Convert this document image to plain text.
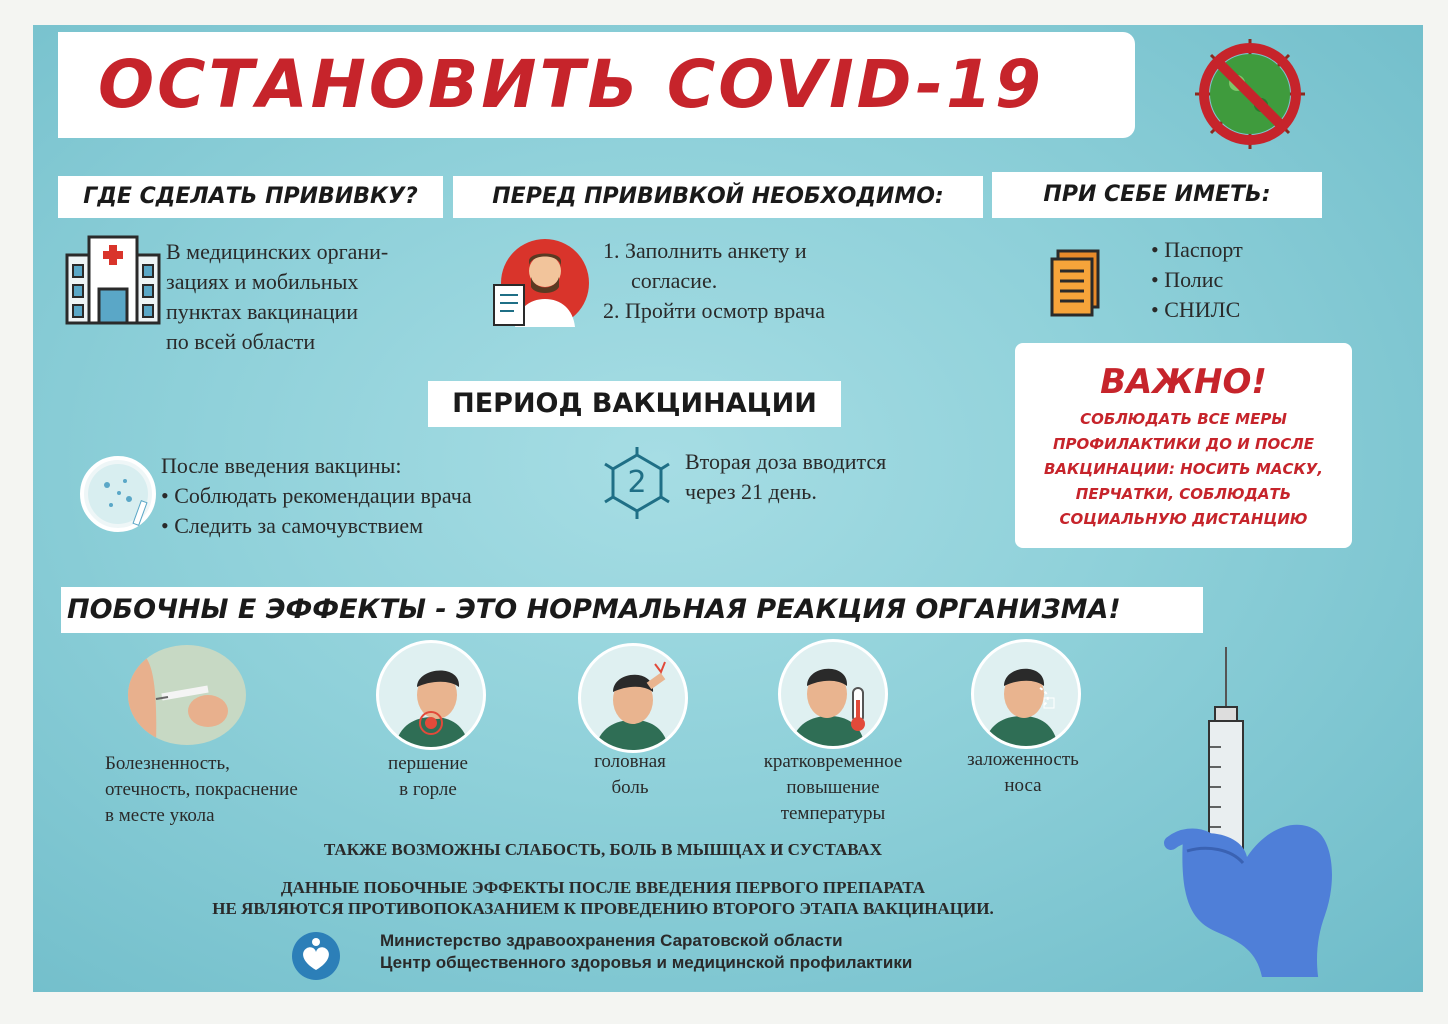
ОСТАНОВИТЬ COVID-19
ГДЕ СДЕЛАТЬ ПРИВИВКУ?	ПЕРЕД ПРИВИВКОЙ НЕОБХОДИМО:	ПРИ СЕБЕ ИМЕТЬ:
В медицинских органи-
зациях и мобильных
пунктах вакцинации
по всей области
1. Заполнить анкету и
согласие.
2. Пройти осмотр врача
• Паспорт
• Полис
• СНИЛС
ВАЖНО!
СОБЛЮДАТЬ ВСЕ МЕРЫ
ПРОФИЛАКТИКИ ДО И ПОСЛЕ
ВАКЦИНАЦИИ: НОСИТЬ МАСКУ,
ПЕРЧАТКИ, СОБЛЮДАТЬ
СОЦИАЛЬНУЮ ДИСТАНЦИЮ
ПЕРИОД ВАКЦИНАЦИИ
После введения вакцины:
• Соблюдать рекомендации врача
• Следить за самочувствием
2
Вторая доза вводится
через 21 день.
ПОБОЧНЫ Е ЭФФЕКТЫ - ЭТО НОРМАЛЬНАЯ РЕАКЦИЯ ОРГАНИЗМА!
Болезненность,
отечность, покраснение
в месте укола
першение
в горле
головная
боль
кратковременное
повышение
температуры
заложенность
носа
ТАКЖЕ ВОЗМОЖНЫ СЛАБОСТЬ, БОЛЬ В МЫШЦАХ И СУСТАВАХ
ДАННЫЕ ПОБОЧНЫЕ ЭФФЕКТЫ ПОСЛЕ ВВЕДЕНИЯ ПЕРВОГО ПРЕПАРАТА
НЕ ЯВЛЯЮТСЯ ПРОТИВОПОКАЗАНИЕМ К ПРОВЕДЕНИЮ ВТОРОГО ЭТАПА ВАКЦИНАЦИИ.
Министерство здравоохранения Саратовской области
Центр общественного здоровья и медицинской профилактики
